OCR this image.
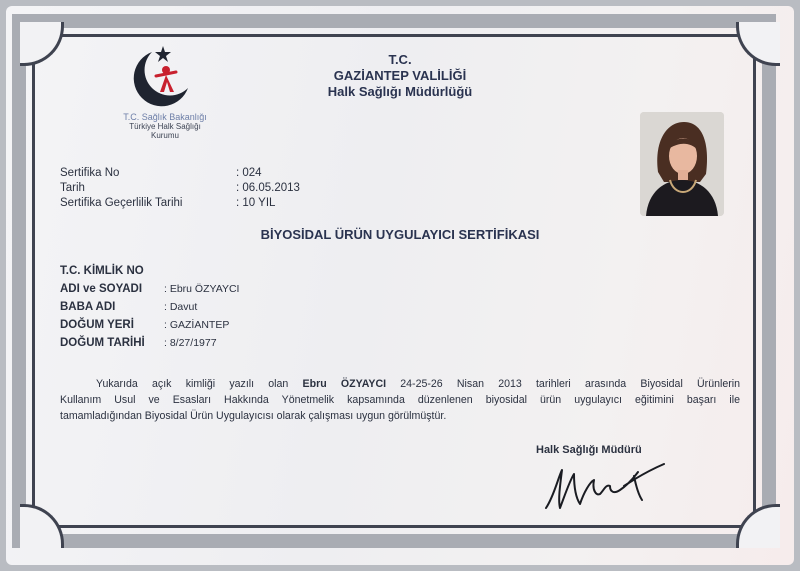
T.C. Sağlık Bakanlığı
Türkiye Halk Sağlığı
Kurumu
T.C.
GAZİANTEP VALİLİĞİ
Halk Sağlığı Müdürlüğü
Sertifika No	: 024
Tarih	: 06.05.2013
Sertifika Geçerlilik Tarihi	: 10 YIL
BİYOSİDAL ÜRÜN UYGULAYICI SERTİFİKASI
T.C. KİMLİK NO
ADI ve SOYADI : Ebru ÖZYAYCI
BABA ADI	: Davut
DOĞUM YERİ	: GAZİANTEP
DOĞUM TARİHİ : 8/27/1977
Yukarıda açık kimliği yazılı olan Ebru ÖZYAYCI 24-25-26 Nisan 2013 tarihleri arasında Biyosidal Ürünlerin
Kullanım Usul ve Esasları Hakkında Yönetmelik kapsamında düzenlenen biyosidal ürün uygulayıcı eğitimini başarı ile
tamamladığından Biyosidal Ürün Uygulayıcısı olarak çalışması uygun görülmüştür.
Halk Sağlığı Müdürü
